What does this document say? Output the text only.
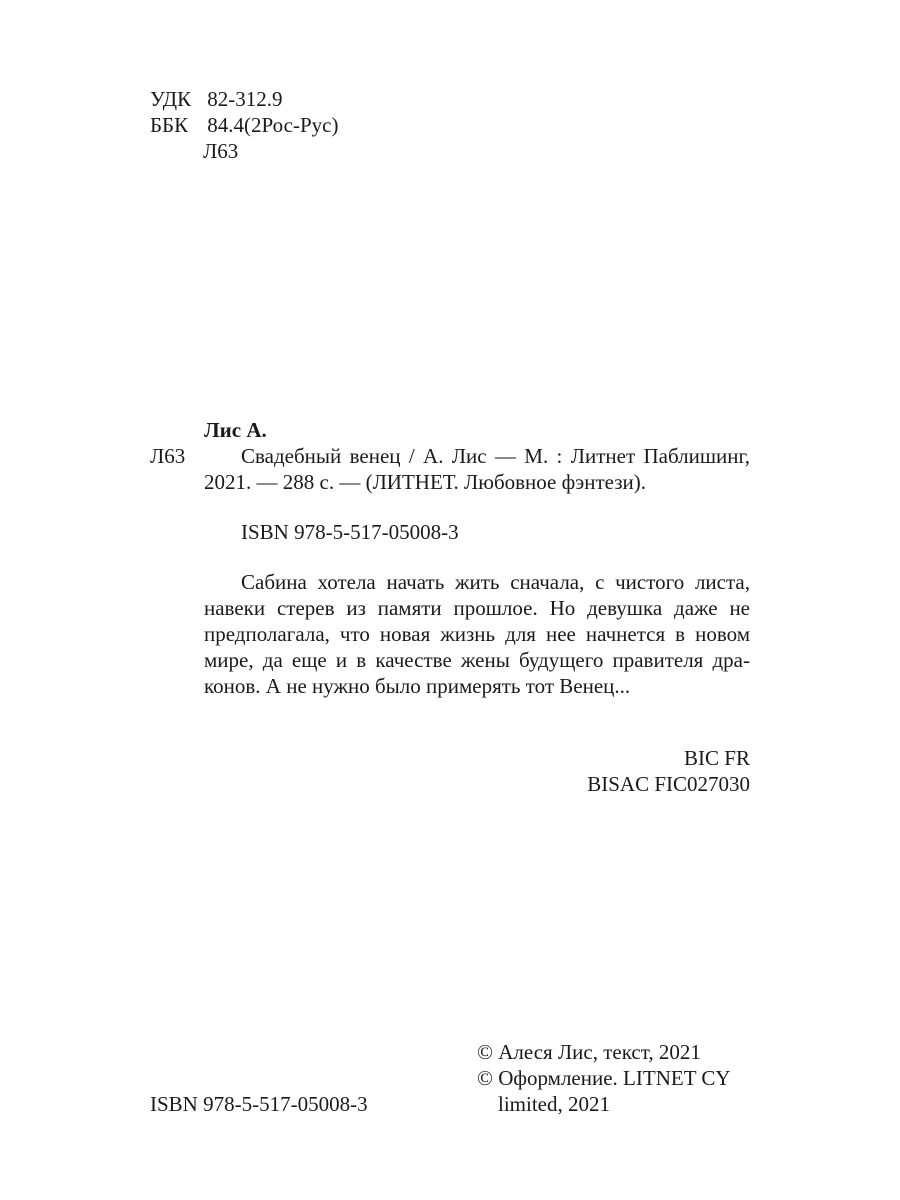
УДК 82-312.9
ББК 84.4(2Рос-Рус)
Л63
Лис А.
Л63	Свадебный венец / А. Лис — М. : Литнет Паблишинг,
2021. — 288 с. — (ЛИТНЕТ. Любовное фэнтези).
ISBN 978-5-517-05008-3
Сабина хотела начать жить сначала, с чистого листа,
навеки стерев из памяти прошлое. Но девушка даже не
предполагала, что новая жизнь для нее начнется в новом
мире, да еще и в качестве жены будущего правителя дра-
конов. А не нужно было примерять тот Венец...
BIC FR
BISAC FIC027030
© Алеся Лис, текст, 2021
© Оформление. LITNET CY
limited, 2021
ISBN 978-5-517-05008-3
